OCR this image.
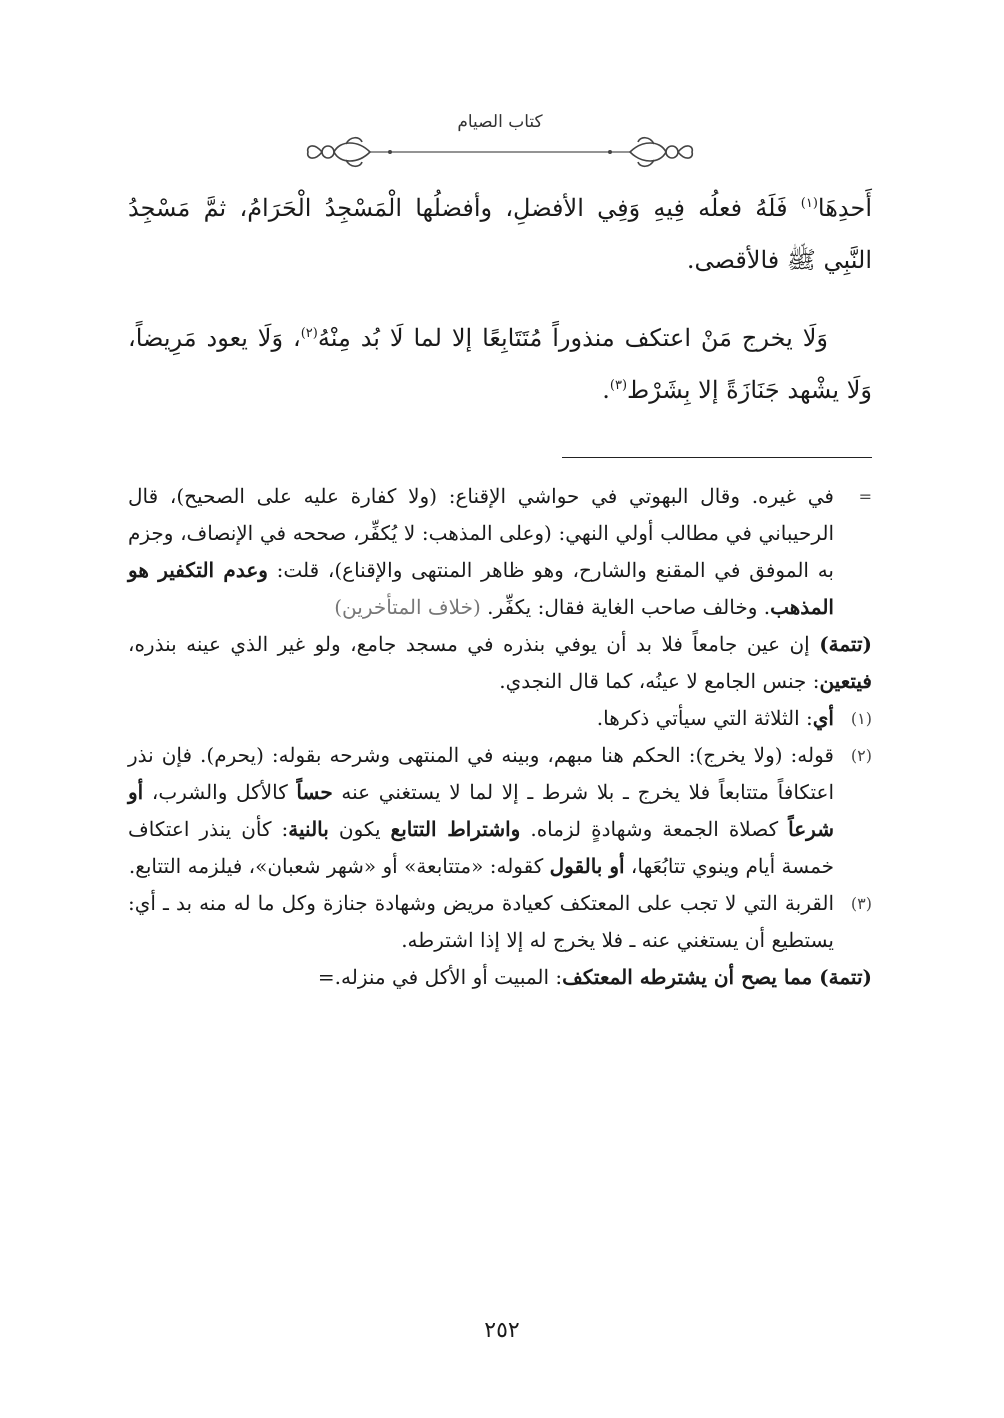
كتاب الصيام

أَحدِهَا$^{(١)}$ فَلَهُ فعلُه فِيهِ وَفِي الأفضلِ، وأفضلُها الْمَسْجِدُ الْحَرَامُ، ثمَّ مَسْجِدُ النَّبِي ﷺ فالأقصى.

وَلَا يخرج مَنْ اعتكف منذوراً مُتَتَابِعًا إلا لما لَا بُد مِنْهُ$^{(٢)}$، وَلَا يعود مَرِيضاً، وَلَا يشْهد جَنَازَةً إلا بِشَرْط$^{(٣)}$.

=
في غيره. وقال البهوتي في حواشي الإقناع: (ولا كفارة عليه على الصحيح)، قال الرحيباني في مطالب أولي النهي: (وعلى المذهب: لا يُكفِّر، صححه في الإنصاف، وجزم به الموفق في المقنع والشارح، وهو ظاهر المنتهى والإقناع)، قلت: وعدم التكفير هو المذهب. وخالف صاحب الغاية فقال: يكفِّر. (خلاف المتأخرين)

(تتمة) إن عين جامعاً فلا بد أن يوفي بنذره في مسجد جامع، ولو غير الذي عينه بنذره، فيتعين: جنس الجامع لا عينُه، كما قال النجدي.

(١)
أي: الثلاثة التي سيأتي ذكرها.

(٢)
قوله: (ولا يخرج): الحكم هنا مبهم، وبينه في المنتهى وشرحه بقوله: (يحرم). فإن نذر اعتكافاً متتابعاً فلا يخرج ـ بلا شرط ـ إلا لما لا يستغني عنه حساً كالأكل والشرب، أو شرعاً كصلاة الجمعة وشهادةٍ لزماه. واشتراط التتابع يكون بالنية: كأن ينذر اعتكاف خمسة أيام وينوي تتابُعَها، أو بالقول كقوله: «متتابعة» أو «شهر شعبان»، فيلزمه التتابع.

(٣)
القربة التي لا تجب على المعتكف كعيادة مريض وشهادة جنازة وكل ما له منه بد ـ أي: يستطيع أن يستغني عنه ـ فلا يخرج له إلا إذا اشترطه.

(تتمة) مما يصح أن يشترطه المعتكف: المبيت أو الأكل في منزله.=

٢٥٢
